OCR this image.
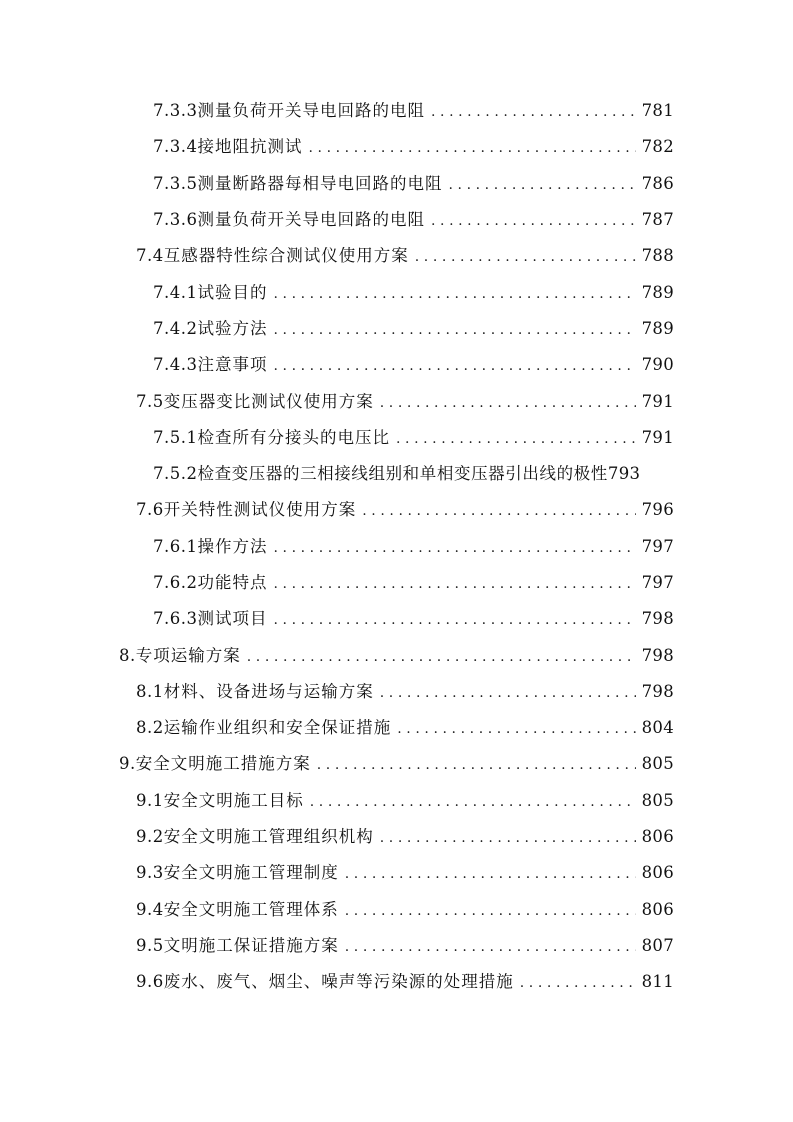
7.3.3 测量负荷开关导电回路的电阻 .....	781
7.3.4 接地阻抗测试 .....	782
7.3.5 测量断路器每相导电回路的电阻 .....	786
7.3.6 测量负荷开关导电回路的电阻 .....	787
7.4 互感器特性综合测试仪使用方案 .....	788
7.4.1 试验目的 .....	789
7.4.2 试验方法 .....	789
7.4.3 注意事项 .....	790
7.5 变压器变比测试仪使用方案 .....	791
7.5.1 检查所有分接头的电压比 .....	791
7.5.2 检查变压器的三相接线组别和单相变压器引出线的极性 793
7.6 开关特性测试仪使用方案 .....	796
7.6.1 操作方法 .....	797
7.6.2 功能特点 .....	797
7.6.3 测试项目 .....	798
8. 专项运输方案 .....	798
8.1 材料、设备进场与运输方案 .....	798
8.2 运输作业组织和安全保证措施 .....	804
9. 安全文明施工措施方案 .....	805
9.1 安全文明施工目标 .....	805
9.2 安全文明施工管理组织机构 .....	806
9.3 安全文明施工管理制度 .....	806
9.4 安全文明施工管理体系 .....	806
9.5 文明施工保证措施方案 .....	807
9.6 废水、废气、烟尘、噪声等污染源的处理措施 .....	811
